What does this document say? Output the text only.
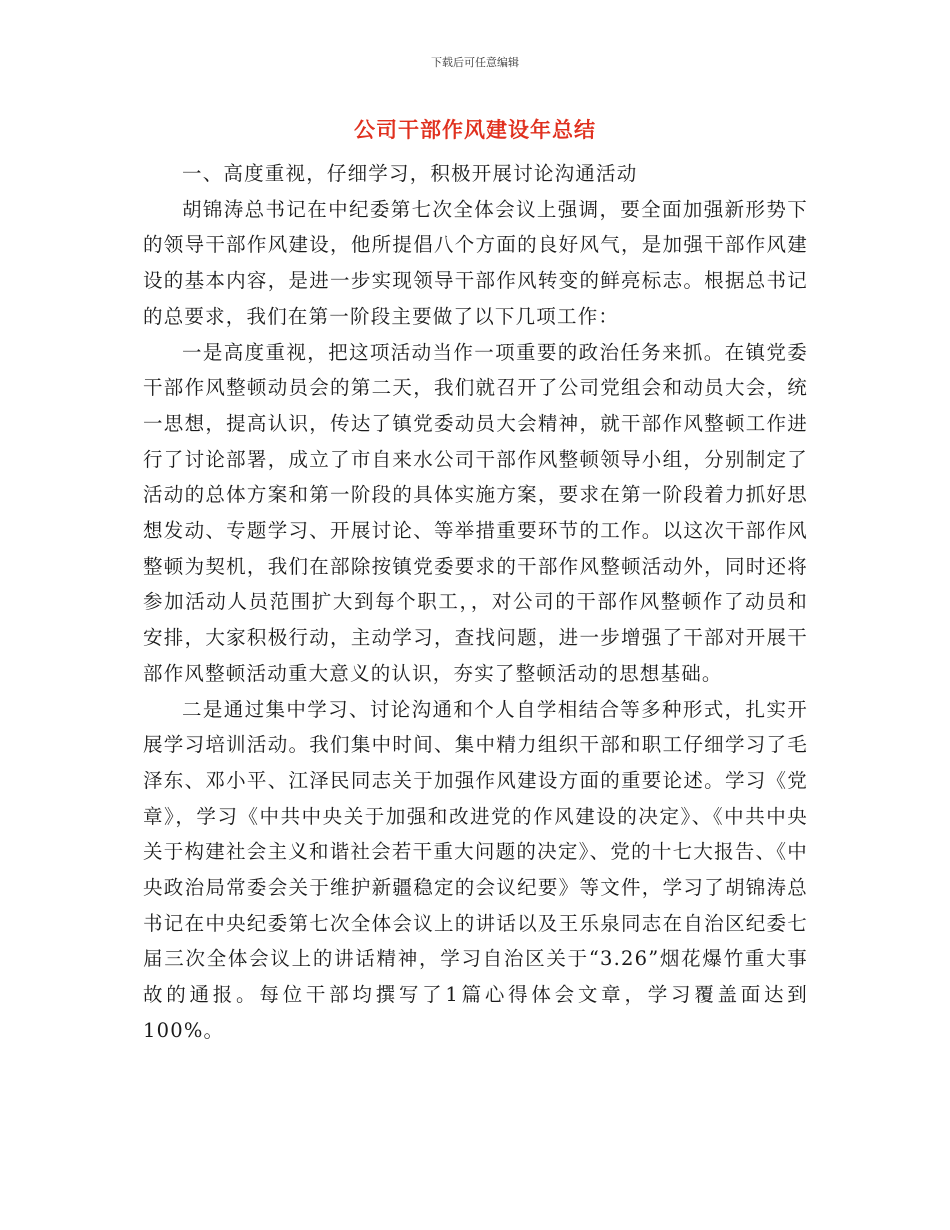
下载后可任意编辑
公司干部作风建设年总结

一、高度重视，仔细学习，积极开展讨论沟通活动

胡锦涛总书记在中纪委第七次全体会议上强调，要全面加强新形势下的领导干部作风建设，他所提倡八个方面的良好风气，是加强干部作风建设的基本内容，是进一步实现领导干部作风转变的鲜亮标志。根据总书记的总要求，我们在第一阶段主要做了以下几项工作：

一是高度重视，把这项活动当作一项重要的政治任务来抓。在镇党委干部作风整顿动员会的第二天，我们就召开了公司党组会和动员大会，统一思想，提高认识，传达了镇党委动员大会精神，就干部作风整顿工作进行了讨论部署，成立了市自来水公司干部作风整顿领导小组，分别制定了活动的总体方案和第一阶段的具体实施方案，要求在第一阶段着力抓好思想发动、专题学习、开展讨论、等举措重要环节的工作。以这次干部作风整顿为契机，我们在部除按镇党委要求的干部作风整顿活动外，同时还将参加活动人员范围扩大到每个职工，，对公司的干部作风整顿作了动员和安排，大家积极行动，主动学习，查找问题，进一步增强了干部对开展干部作风整顿活动重大意义的认识，夯实了整顿活动的思想基础。

二是通过集中学习、讨论沟通和个人自学相结合等多种形式，扎实开展学习培训活动。我们集中时间、集中精力组织干部和职工仔细学习了毛泽东、邓小平、江泽民同志关于加强作风建设方面的重要论述。学习《党章》，学习《中共中央关于加强和改进党的作风建设的决定》、《中共中央关于构建社会主义和谐社会若干重大问题的决定》、党的十七大报告、《中央政治局常委会关于维护新疆稳定的会议纪要》等文件，学习了胡锦涛总书记在中央纪委第七次全体会议上的讲话以及王乐泉同志在自治区纪委七届三次全体会议上的讲话精神，学习自治区关于“3.26”烟花爆竹重大事故的通报。每位干部均撰写了1篇心得体会文章，学习覆盖面达到100%。
